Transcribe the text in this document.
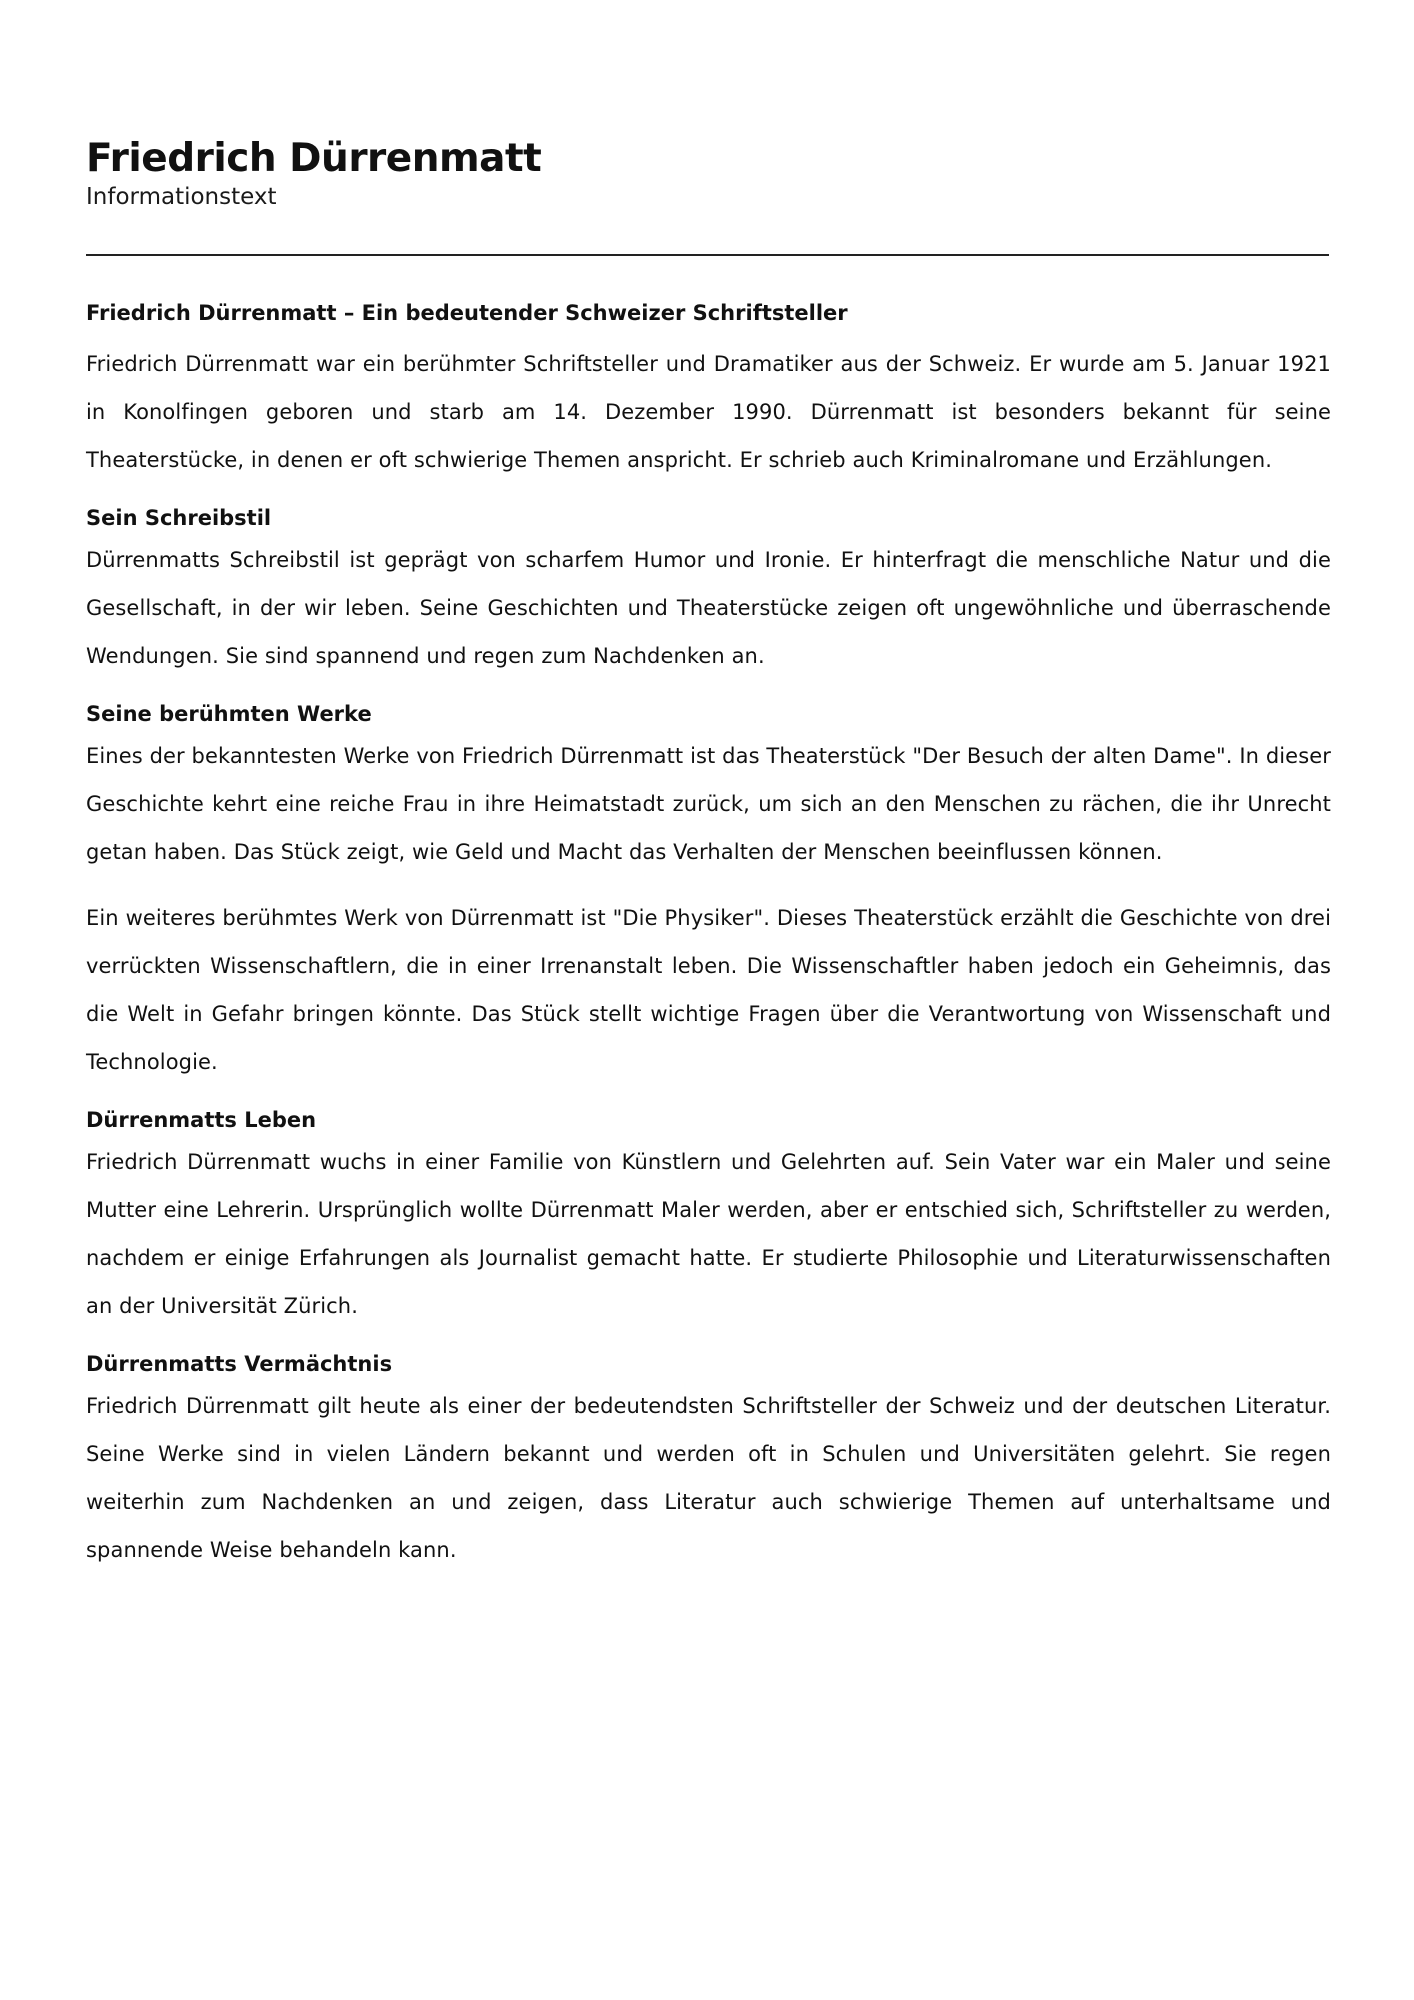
Friedrich Dürrenmatt
Informationstext
Friedrich Dürrenmatt – Ein bedeutender Schweizer Schriftsteller

Friedrich Dürrenmatt war ein berühmter Schriftsteller und Dramatiker aus der Schweiz. Er wurde am 5. Januar 1921 in Konolfingen geboren und starb am 14. Dezember 1990. Dürrenmatt ist besonders bekannt für seine Theaterstücke, in denen er oft schwierige Themen anspricht. Er schrieb auch Kriminalromane und Erzählungen.

Sein Schreibstil

Dürrenmatts Schreibstil ist geprägt von scharfem Humor und Ironie. Er hinterfragt die menschliche Natur und die Gesellschaft, in der wir leben. Seine Geschichten und Theaterstücke zeigen oft ungewöhnliche und überraschende Wendungen. Sie sind spannend und regen zum Nachdenken an.

Seine berühmten Werke

Eines der bekanntesten Werke von Friedrich Dürrenmatt ist das Theaterstück "Der Besuch der alten Dame". In dieser Geschichte kehrt eine reiche Frau in ihre Heimatstadt zurück, um sich an den Menschen zu rächen, die ihr Unrecht getan haben. Das Stück zeigt, wie Geld und Macht das Verhalten der Menschen beeinflussen können.

Ein weiteres berühmtes Werk von Dürrenmatt ist "Die Physiker". Dieses Theaterstück erzählt die Geschichte von drei verrückten Wissenschaftlern, die in einer Irrenanstalt leben. Die Wissenschaftler haben jedoch ein Geheimnis, das die Welt in Gefahr bringen könnte. Das Stück stellt wichtige Fragen über die Verantwortung von Wissenschaft und Technologie.

Dürrenmatts Leben

Friedrich Dürrenmatt wuchs in einer Familie von Künstlern und Gelehrten auf. Sein Vater war ein Maler und seine Mutter eine Lehrerin. Ursprünglich wollte Dürrenmatt Maler werden, aber er entschied sich, Schriftsteller zu werden, nachdem er einige Erfahrungen als Journalist gemacht hatte. Er studierte Philosophie und Literaturwissenschaften an der Universität Zürich.

Dürrenmatts Vermächtnis

Friedrich Dürrenmatt gilt heute als einer der bedeutendsten Schriftsteller der Schweiz und der deutschen Literatur. Seine Werke sind in vielen Ländern bekannt und werden oft in Schulen und Universitäten gelehrt. Sie regen weiterhin zum Nachdenken an und zeigen, dass Literatur auch schwierige Themen auf unterhaltsame und spannende Weise behandeln kann.
